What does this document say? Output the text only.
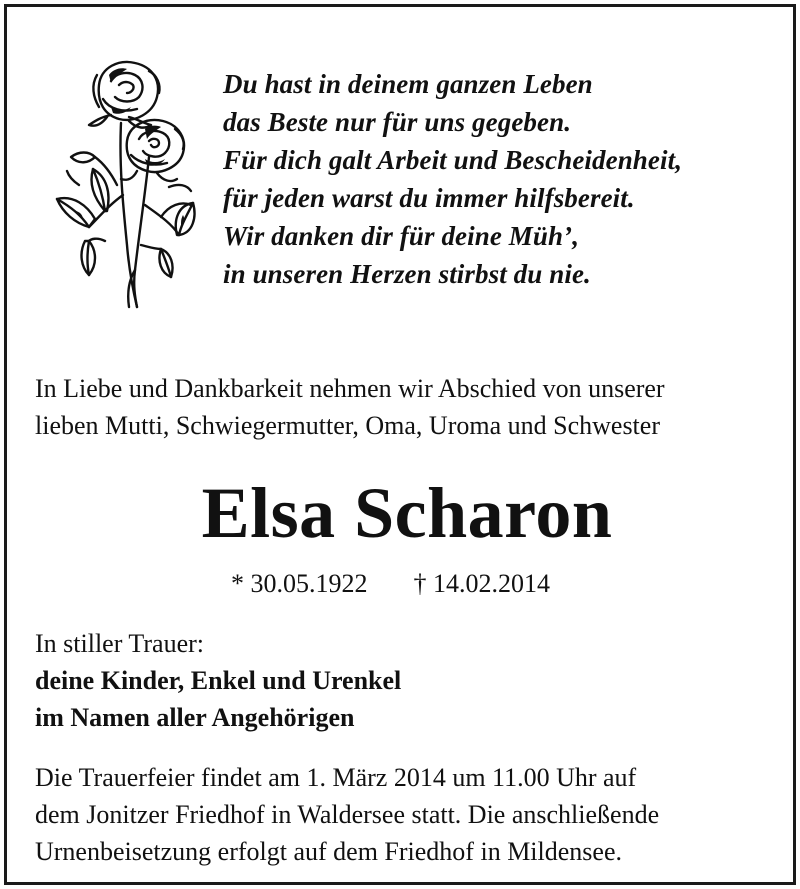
Du hast in deinem ganzen Leben
das Beste nur für uns gegeben.
Für dich galt Arbeit und Bescheidenheit,
für jeden warst du immer hilfsbereit.
Wir danken dir für deine Müh’,
in unseren Herzen stirbst du nie.
In Liebe und Dankbarkeit nehmen wir Abschied von unserer
lieben Mutti, Schwiegermutter, Oma, Uroma und Schwester
Elsa Scharon
* 30.05.1922 † 14.02.2014
In stiller Trauer:
deine Kinder, Enkel und Urenkel
im Namen aller Angehörigen
Die Trauerfeier findet am 1. März 2014 um 11.00 Uhr auf
dem Jonitzer Friedhof in Waldersee statt. Die anschließende
Urnenbeisetzung erfolgt auf dem Friedhof in Mildensee.
